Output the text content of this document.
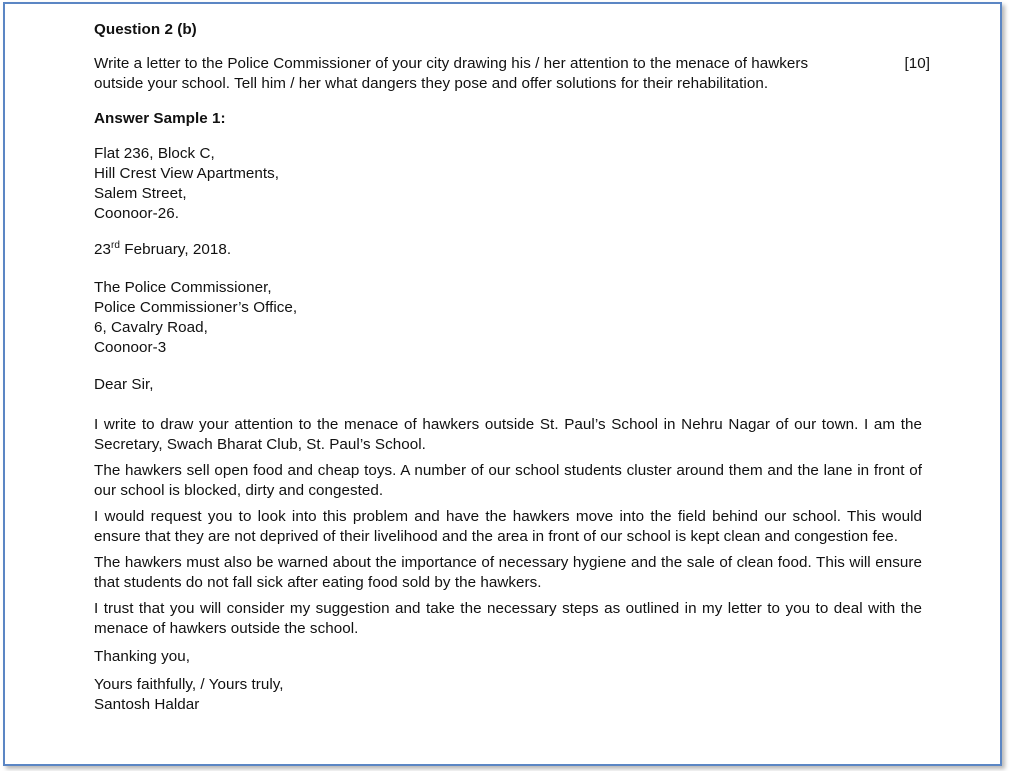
Question 2 (b)

Write a letter to the Police Commissioner of your city drawing his / her attention to the menace of hawkers outside your school. Tell him / her what dangers they pose and offer solutions for their rehabilitation.

[10]

Answer Sample 1:

Flat 236, Block C,
Hill Crest View Apartments,
Salem Street,
Coonoor-26.

23rd February, 2018.

The Police Commissioner,
Police Commissioner’s Office,
6, Cavalry Road,
Coonoor-3

Dear Sir,

I write to draw your attention to the menace of hawkers outside St. Paul’s School in Nehru Nagar of our town. I am the Secretary, Swach Bharat Club, St. Paul’s School.

The hawkers sell open food and cheap toys. A number of our school students cluster around them and the lane in front of our school is blocked, dirty and congested.

I would request you to look into this problem and have the hawkers move into the field behind our school. This would ensure that they are not deprived of their livelihood and the area in front of our school is kept clean and congestion fee.

The hawkers must also be warned about the importance of necessary hygiene and the sale of clean food. This will ensure that students do not fall sick after eating food sold by the hawkers.

I trust that you will consider my suggestion and take the necessary steps as outlined in my letter to you to deal with the menace of hawkers outside the school.

Thanking you,

Yours faithfully, / Yours truly,
Santosh Haldar
